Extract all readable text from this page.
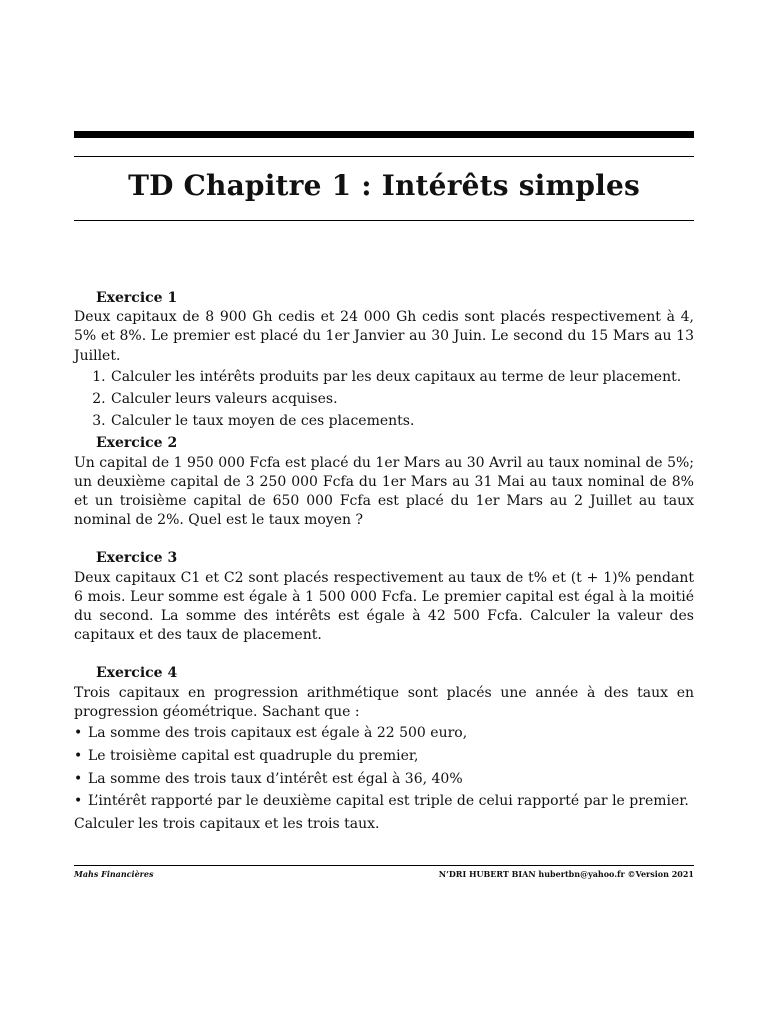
TD Chapitre 1 : Intérêts simples
Exercice 1

Deux capitaux de 8 900 Gh cedis et 24 000 Gh cedis sont placés respectivement à 4, 5% et 8%. Le premier est placé du 1er Janvier au 30 Juin. Le second du 15 Mars au 13 Juillet.

1. Calculer les intérêts produits par les deux capitaux au terme de leur placement.
2. Calculer leurs valeurs acquises.
3. Calculer le taux moyen de ces placements.
Exercice 2

Un capital de 1 950 000 Fcfa est placé du 1er Mars au 30 Avril au taux nominal de 5%; un deuxième capital de 3 250 000 Fcfa du 1er Mars au 31 Mai au taux nominal de 8% et un troisième capital de 650 000 Fcfa est placé du 1er Mars au 2 Juillet au taux nominal de 2%. Quel est le taux moyen ?

Exercice 3

Deux capitaux C1 et C2 sont placés respectivement au taux de t% et (t + 1)% pendant 6 mois. Leur somme est égale à 1 500 000 Fcfa. Le premier capital est égal à la moitié du second. La somme des intérêts est égale à 42 500 Fcfa. Calculer la valeur des capitaux et des taux de placement.

Exercice 4

Trois capitaux en progression arithmétique sont placés une année à des taux en progression géométrique. Sachant que :

• La somme des trois capitaux est égale à 22 500 euro,
• Le troisième capital est quadruple du premier,
• La somme des trois taux d’intérêt est égal à 36, 40%
• L’intérêt rapporté par le deuxième capital est triple de celui rapporté par le premier.

Calculer les trois capitaux et les trois taux.

Mahs Financières	N’DRI HUBERT BIAN hubertbn@yahoo.fr ©Version 2021
